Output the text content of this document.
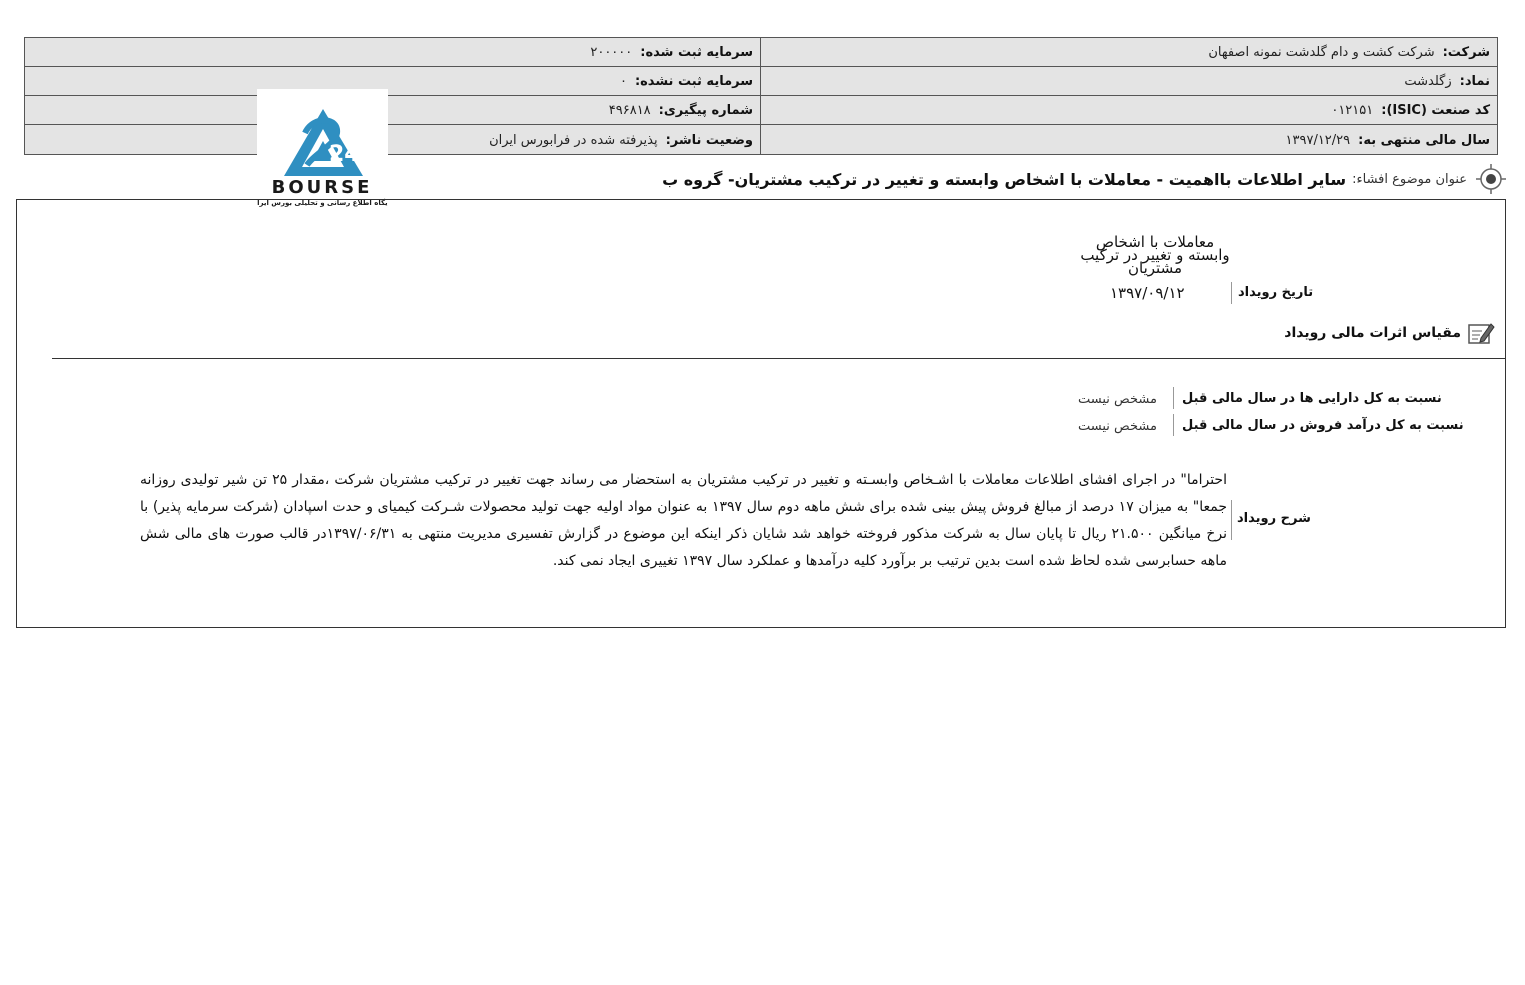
شرکت:
شرکت کشت و دام گلدشت نمونه اصفهان
سرمایه ثبت شده:
۲۰۰۰۰۰
نماد:
زگلدشت
سرمایه ثبت نشده:
۰
کد صنعت (ISIC):
۰۱۲۱۵۱
شماره پیگیری:
۴۹۶۸۱۸
سال مالی منتهی به:
۱۳۹۷/۱۲/۲۹
وضعیت ناشر:
پذیرفته شده در فرابورس ایران
24
BOURSE
پایگاه اطلاع رسانی و تحلیلی بورس ایران
عنوان موضوع افشاء:
سایر اطلاعات بااهمیت - معاملات با اشخاص وابسته و تغییر در ترکیب مشتریان- گروه ب
معاملات با اشخاص وابسته و تغییر در ترکیب مشتریان
۱۳۹۷/۰۹/۱۲	تاریخ رویداد
مقیاس اثرات مالی رویداد
نسبت به کل دارایی ها در سال مالی قبل
مشخص نیست
نسبت به کل درآمد فروش در سال مالی قبل
مشخص نیست
شرح رویداد
احتراما" در اجرای افشای اطلاعات معاملات با اشـخاص وابسـته و تغییر در ترکیب مشتریان به استحضار می رساند جهت تغییر در ترکیب مشتریان شرکت ،مقدار ۲۵ تن شیر تولیدی روزانه جمعا" به میزان ۱۷ درصد از مبالغ فروش پیش بینی شده برای شش ماهه دوم سال ۱۳۹۷ به عنوان مواد اولیه جهت تولید محصولات شـرکت کیمیای و حدت اسپادان (شرکت سرمایه پذیر) با نرخ میانگین ۲۱.۵۰۰ ریال تا پایان سال به شرکت مذکور فروخته خواهد شد شایان ذکر اینکه این موضوع در گزارش تفسیری مدیریت منتهی به ۱۳۹۷/۰۶/۳۱در قالب صورت های مالی شش ماهه حسابرسی شده لحاظ شده است بدین ترتیب بر برآورد کلیه درآمدها و عملکرد سال ۱۳۹۷ تغییری ایجاد نمی کند.
